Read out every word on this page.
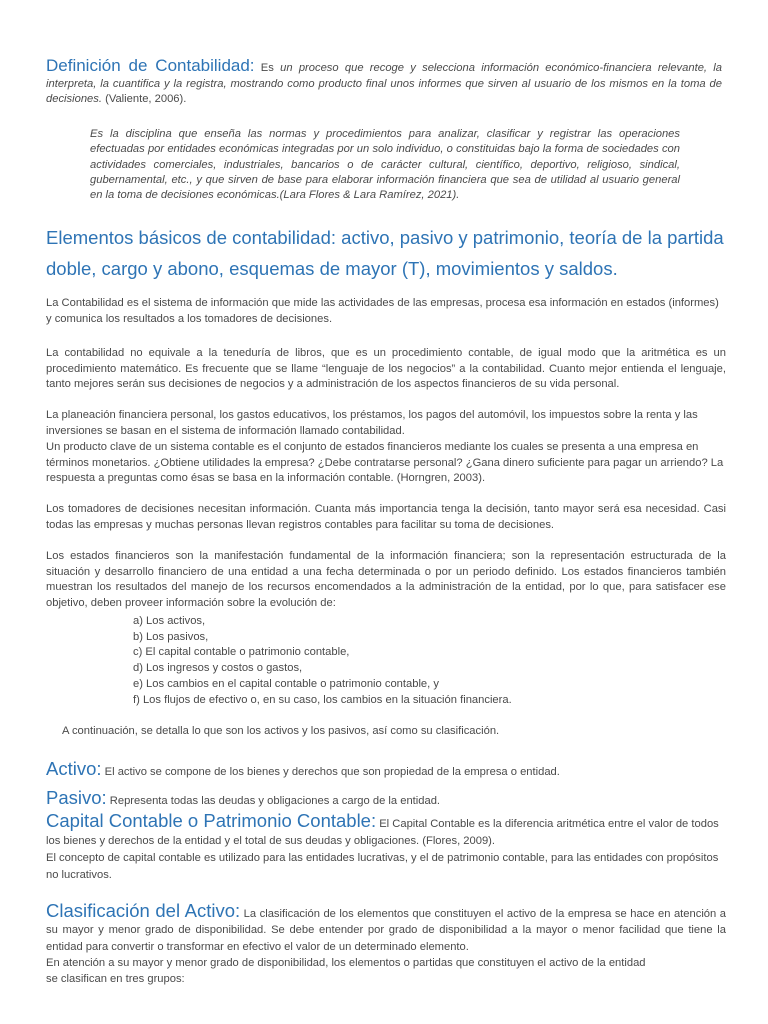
Definición de Contabilidad: Es un proceso que recoge y selecciona información económico-financiera relevante, la interpreta, la cuantifica y la registra, mostrando como producto final unos informes que sirven al usuario de los mismos en la toma de decisiones. (Valiente, 2006).

Es la disciplina que enseña las normas y procedimientos para analizar, clasificar y registrar las operaciones efectuadas por entidades económicas integradas por un solo individuo, o constituidas bajo la forma de sociedades con actividades comerciales, industriales, bancarios o de carácter cultural, científico, deportivo, religioso, sindical, gubernamental, etc., y que sirven de base para elaborar información financiera que sea de utilidad al usuario general en la toma de decisiones económicas.(Lara Flores & Lara Ramírez, 2021).

Elementos básicos de contabilidad: activo, pasivo y patrimonio, teoría de la partida doble, cargo y abono, esquemas de mayor (T), movimientos y saldos.

La Contabilidad es el sistema de información que mide las actividades de las empresas, procesa esa información en estados (informes) y comunica los resultados a los tomadores de decisiones.

La contabilidad no equivale a la teneduría de libros, que es un procedimiento contable, de igual modo que la aritmética es un procedimiento matemático. Es frecuente que se llame “lenguaje de los negocios” a la contabilidad. Cuanto mejor entienda el lenguaje, tanto mejores serán sus decisiones de negocios y a administración de los aspectos financieros de su vida personal.

La planeación financiera personal, los gastos educativos, los préstamos, los pagos del automóvil, los impuestos sobre la renta y las inversiones se basan en el sistema de información llamado contabilidad.

Un producto clave de un sistema contable es el conjunto de estados financieros mediante los cuales se presenta a una empresa en términos monetarios. ¿Obtiene utilidades la empresa? ¿Debe contratarse personal? ¿Gana dinero suficiente para pagar un arriendo? La respuesta a preguntas como ésas se basa en la información contable. (Horngren, 2003).

Los tomadores de decisiones necesitan información. Cuanta más importancia tenga la decisión, tanto mayor será esa necesidad. Casi todas las empresas y muchas personas llevan registros contables para facilitar su toma de decisiones.

Los estados financieros son la manifestación fundamental de la información financiera; son la representación estructurada de la situación y desarrollo financiero de una entidad a una fecha determinada o por un periodo definido. Los estados financieros también muestran los resultados del manejo de los recursos encomendados a la administración de la entidad, por lo que, para satisfacer ese objetivo, deben proveer información sobre la evolución de:

a) Los activos,
b) Los pasivos,
c) El capital contable o patrimonio contable,
d) Los ingresos y costos o gastos,
e) Los cambios en el capital contable o patrimonio contable, y
f) Los flujos de efectivo o, en su caso, los cambios en la situación financiera.

A continuación, se detalla lo que son los activos y los pasivos, así como su clasificación.

Activo: El activo se compone de los bienes y derechos que son propiedad de la empresa o entidad.

Pasivo: Representa todas las deudas y obligaciones a cargo de la entidad.

Capital Contable o Patrimonio Contable: El Capital Contable es la diferencia aritmética entre el valor de todos los bienes y derechos de la entidad y el total de sus deudas y obligaciones. (Flores, 2009).
El concepto de capital contable es utilizado para las entidades lucrativas, y el de patrimonio contable, para las entidades con propósitos no lucrativos.

Clasificación del Activo: La clasificación de los elementos que constituyen el activo de la empresa se hace en atención a su mayor y menor grado de disponibilidad. Se debe entender por grado de disponibilidad a la mayor o menor facilidad que tiene la entidad para convertir o transformar en efectivo el valor de un determinado elemento.
En atención a su mayor y menor grado de disponibilidad, los elementos o partidas que constituyen el activo de la entidad
se clasifican en tres grupos:
